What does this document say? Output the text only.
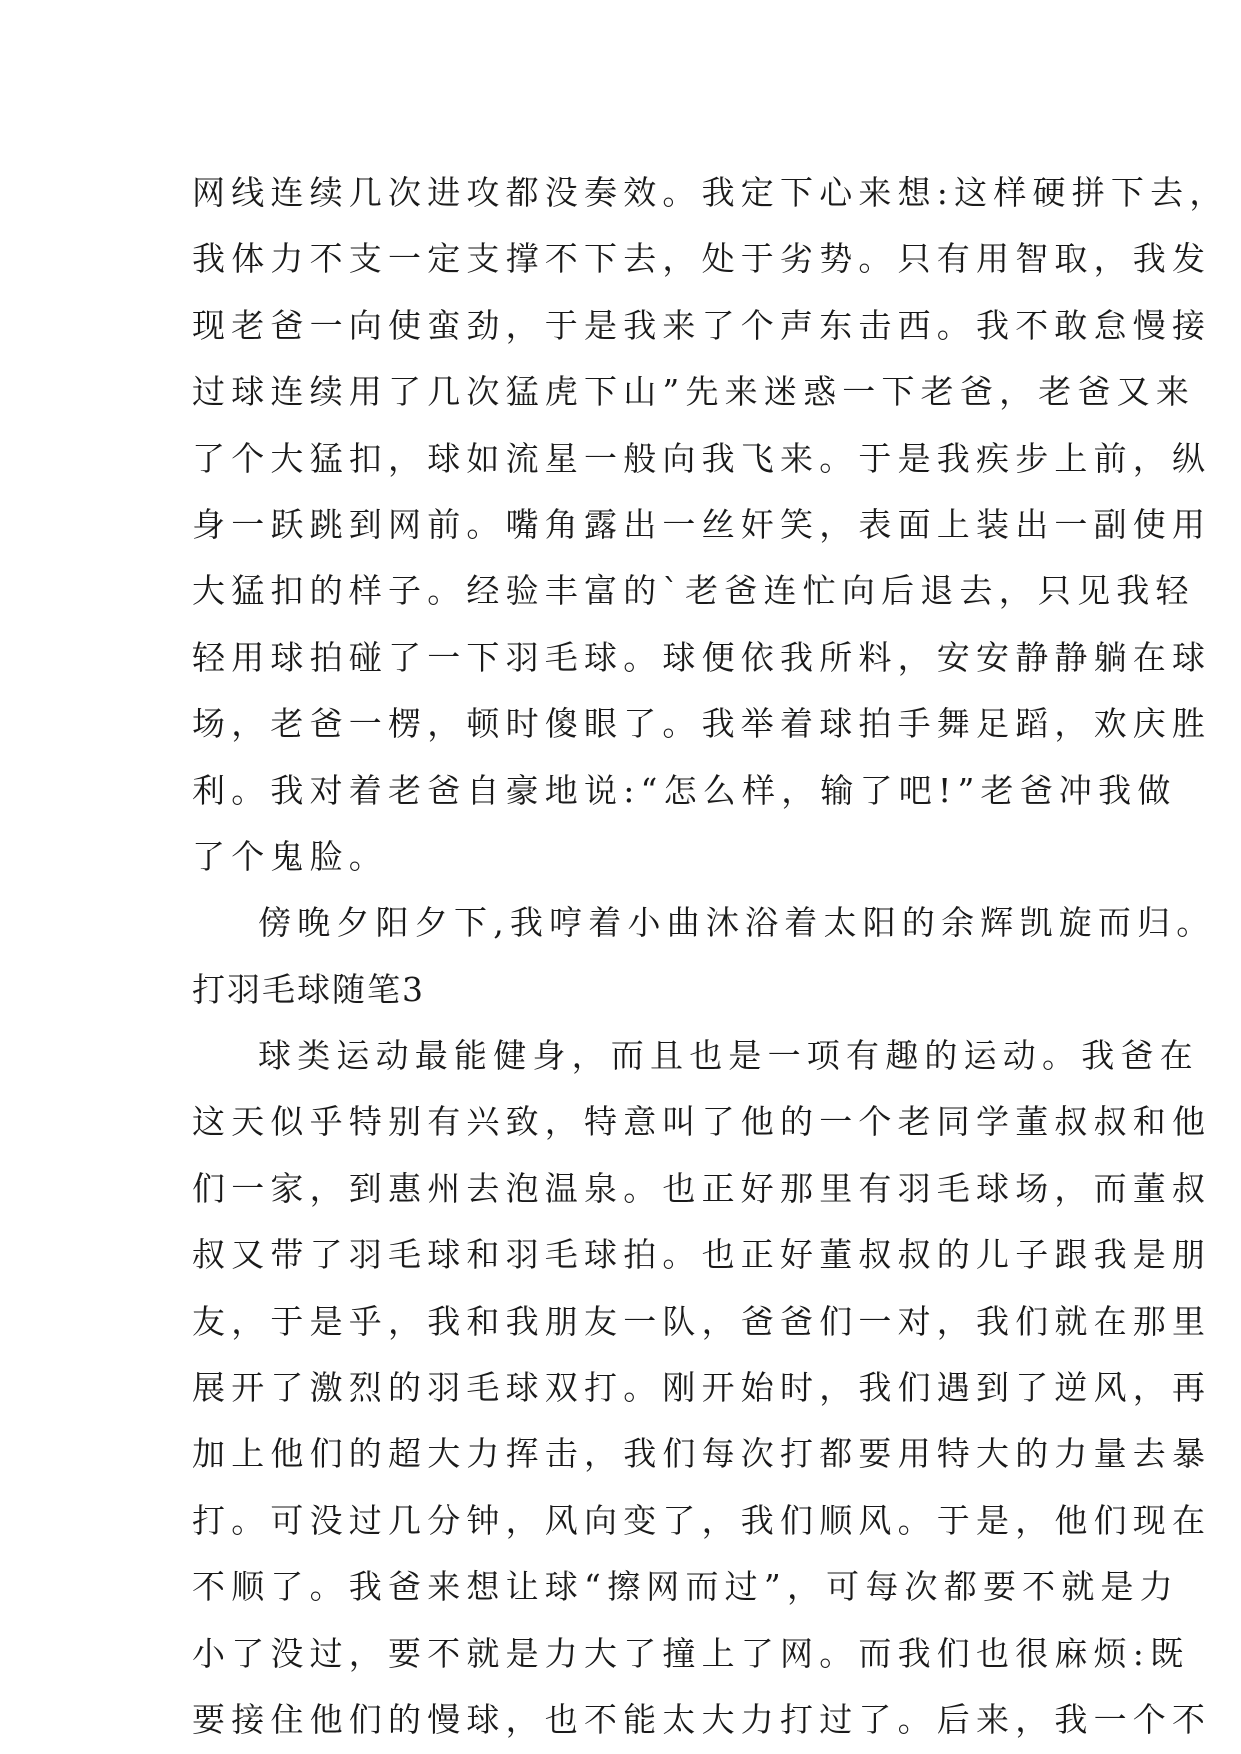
网线连续几次进攻都没奏效。我定下心来想:这样硬拼下去，
我体力不支一定支撑不下去，处于劣势。只有用智取，我发
现老爸一向使蛮劲，于是我来了个声东击西。我不敢怠慢接
过球连续用了几次猛虎下山”先来迷惑一下老爸，老爸又来
了个大猛扣，球如流星一般向我飞来。于是我疾步上前，纵
身一跃跳到网前。嘴角露出一丝奸笑，表面上装出一副使用
大猛扣的样子。经验丰富的`老爸连忙向后退去，只见我轻
轻用球拍碰了一下羽毛球。球便依我所料，安安静静躺在球
场，老爸一楞，顿时傻眼了。我举着球拍手舞足蹈，欢庆胜
利。我对着老爸自豪地说:“怎么样，输了吧!”老爸冲我做
了个鬼脸。
傍晚夕阳夕下,我哼着小曲沐浴着太阳的余辉凯旋而归。
打羽毛球随笔3
球类运动最能健身，而且也是一项有趣的运动。我爸在
这天似乎特别有兴致，特意叫了他的一个老同学董叔叔和他
们一家，到惠州去泡温泉。也正好那里有羽毛球场，而董叔
叔又带了羽毛球和羽毛球拍。也正好董叔叔的儿子跟我是朋
友，于是乎，我和我朋友一队，爸爸们一对，我们就在那里
展开了激烈的羽毛球双打。刚开始时，我们遇到了逆风，再
加上他们的超大力挥击，我们每次打都要用特大的力量去暴
打。可没过几分钟，风向变了，我们顺风。于是，他们现在
不顺了。我爸来想让球“擦网而过”，可每次都要不就是力
小了没过，要不就是力大了撞上了网。而我们也很麻烦:既
要接住他们的慢球，也不能太大力打过了。后来，我一个不
